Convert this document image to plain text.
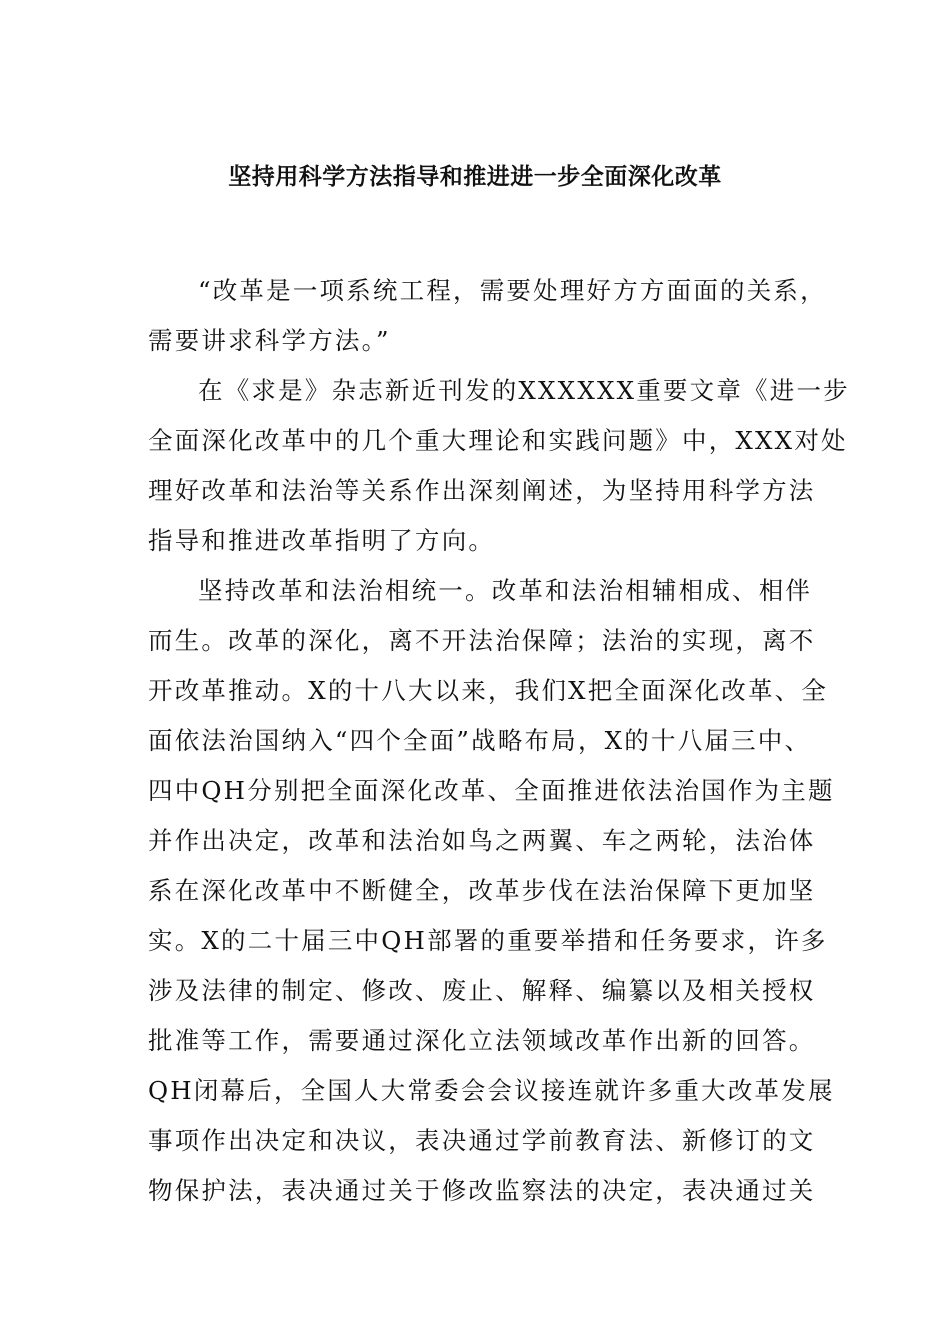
坚持用科学方法指导和推进进一步全面深化改革
“改革是一项系统工程，需要处理好方方面面的关系，
需要讲求科学方法。”
在《求是》杂志新近刊发的XXXXXX重要文章《进一步
全面深化改革中的几个重大理论和实践问题》中，XXX对处
理好改革和法治等关系作出深刻阐述，为坚持用科学方法
指导和推进改革指明了方向。
坚持改革和法治相统一。改革和法治相辅相成、相伴
而生。改革的深化，离不开法治保障；法治的实现，离不
开改革推动。X的十八大以来，我们X把全面深化改革、全
面依法治国纳入“四个全面”战略布局，X的十八届三中、
四中QH分别把全面深化改革、全面推进依法治国作为主题
并作出决定，改革和法治如鸟之两翼、车之两轮，法治体
系在深化改革中不断健全，改革步伐在法治保障下更加坚
实。X的二十届三中QH部署的重要举措和任务要求，许多
涉及法律的制定、修改、废止、解释、编纂以及相关授权
批准等工作，需要通过深化立法领域改革作出新的回答。
QH闭幕后，全国人大常委会会议接连就许多重大改革发展
事项作出决定和决议，表决通过学前教育法、新修订的文
物保护法，表决通过关于修改监察法的决定，表决通过关
